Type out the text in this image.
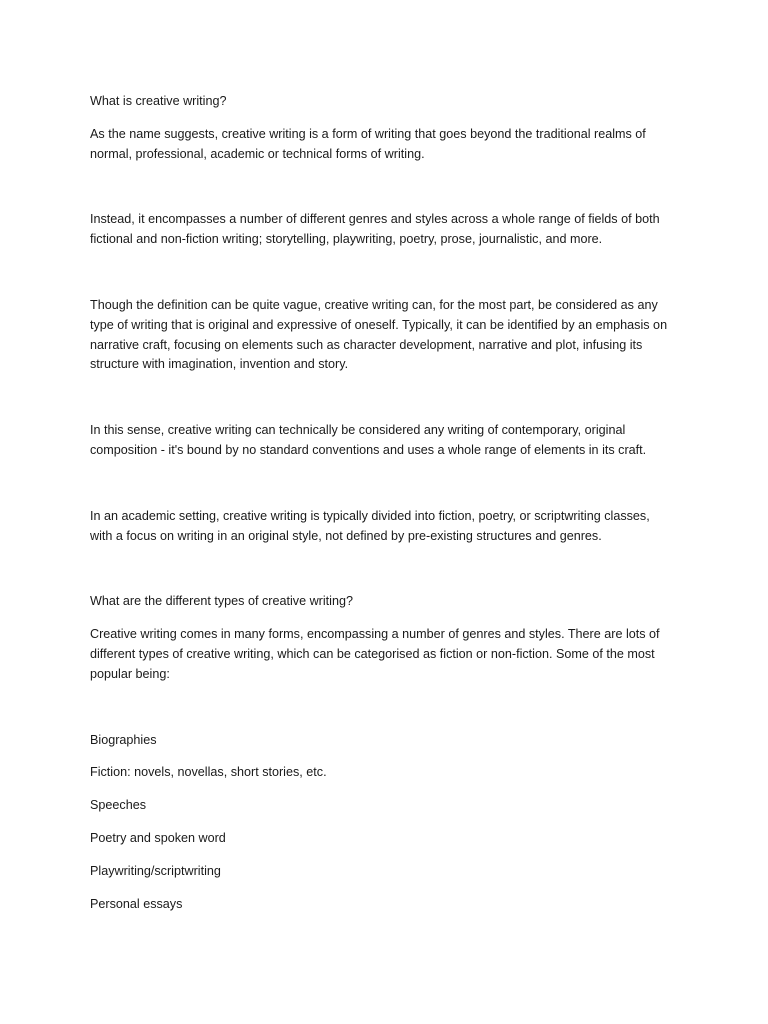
What is creative writing?

As the name suggests, creative writing is a form of writing that goes beyond the traditional realms of normal, professional, academic or technical forms of writing.

Instead, it encompasses a number of different genres and styles across a whole range of fields of both fictional and non-fiction writing; storytelling, playwriting, poetry, prose, journalistic, and more.

Though the definition can be quite vague, creative writing can, for the most part, be considered as any type of writing that is original and expressive of oneself. Typically, it can be identified by an emphasis on narrative craft, focusing on elements such as character development, narrative and plot, infusing its structure with imagination, invention and story.

In this sense, creative writing can technically be considered any writing of contemporary, original composition - it's bound by no standard conventions and uses a whole range of elements in its craft.

In an academic setting, creative writing is typically divided into fiction, poetry, or scriptwriting classes, with a focus on writing in an original style, not defined by pre-existing structures and genres.

What are the different types of creative writing?

Creative writing comes in many forms, encompassing a number of genres and styles. There are lots of different types of creative writing, which can be categorised as fiction or non-fiction. Some of the most popular being:

Biographies

Fiction: novels, novellas, short stories, etc.

Speeches

Poetry and spoken word

Playwriting/scriptwriting

Personal essays
